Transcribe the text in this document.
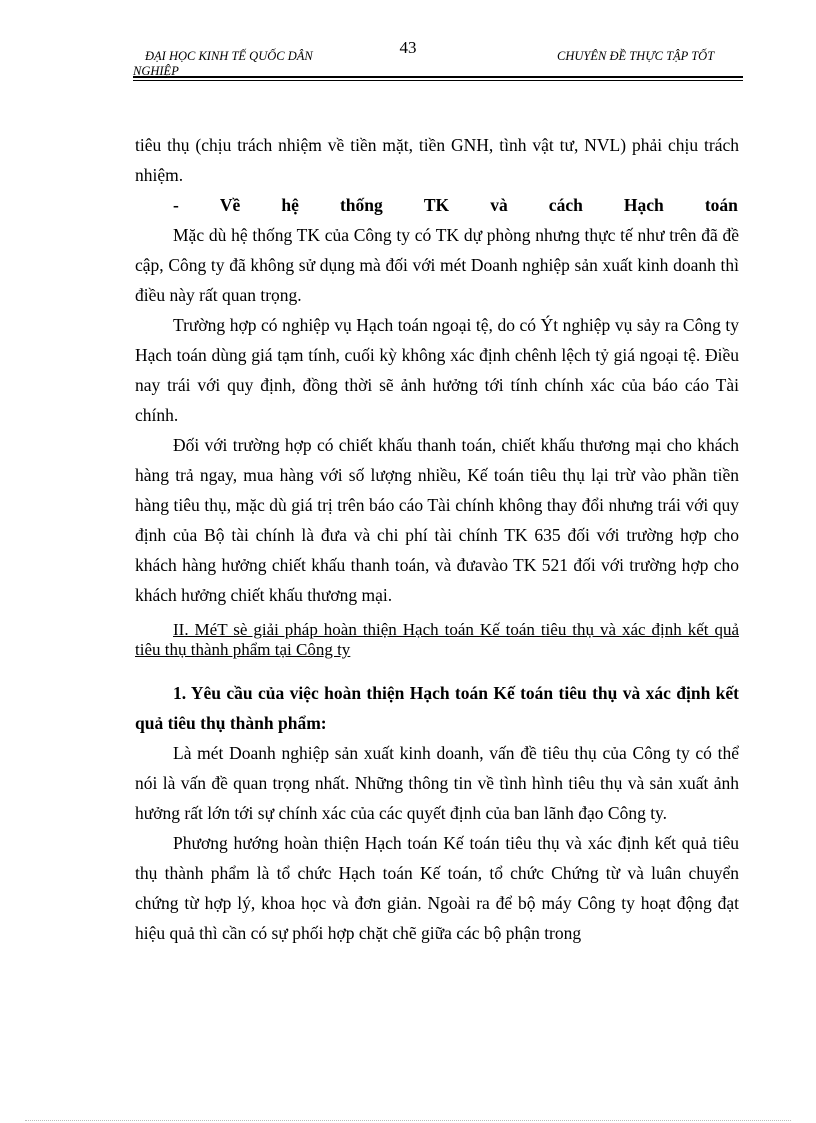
43
ĐẠI HỌC KINH TẾ QUỐC DÂN
NGHIỆP
CHUYÊN ĐỀ THỰC TẬP TỐT

tiêu thụ (chịu trách nhiệm về tiền mặt, tiền GNH, tình vật tư, NVL) phải chịu trách nhiệm.

- Về hệ thống TK và cách Hạch toán

Mặc dù hệ thống TK của Công ty có TK dự phòng nhưng thực tế như trên đã đề cập, Công ty đã không sử dụng mà đối với mét Doanh nghiệp sản xuất kinh doanh thì điều này rất quan trọng.

Trường hợp có nghiệp vụ Hạch toán ngoại tệ, do có Ýt nghiệp vụ sảy ra Công ty Hạch toán dùng giá tạm tính, cuối kỳ không xác định chênh lệch tỷ giá ngoại tệ. Điều nay trái với quy định, đồng thời sẽ ảnh hưởng tới tính chính xác của báo cáo Tài chính.

Đối với trường hợp có chiết khấu thanh toán, chiết khấu thương mại cho khách hàng trả ngay, mua hàng với số lượng nhiều, Kế toán tiêu thụ lại trừ vào phần tiền hàng tiêu thụ, mặc dù giá trị trên báo cáo Tài chính không thay đổi nhưng trái với quy định của Bộ tài chính là đưa và chi phí tài chính TK 635 đối với trường hợp cho khách hàng hưởng chiết khấu thanh toán, và đưavào TK 521 đối với trường hợp cho khách hưởng chiết khấu thương mại.

II. MéT sè giải pháp hoàn thiện Hạch toán Kế toán tiêu thụ và xác định kết quả tiêu thụ thành phẩm tại Công ty

1. Yêu cầu của việc hoàn thiện Hạch toán Kế toán tiêu thụ và xác định kết quả tiêu thụ thành phẩm:

Là mét Doanh nghiệp sản xuất kinh doanh, vấn đề tiêu thụ của Công ty có thể nói là vấn đề quan trọng nhất. Những thông tin về tình hình tiêu thụ và sản xuất ảnh hưởng rất lớn tới sự chính xác của các quyết định của ban lãnh đạo Công ty.

Phương hướng hoàn thiện Hạch toán Kế toán tiêu thụ và xác định kết quả tiêu thụ thành phẩm là tổ chức Hạch toán Kế toán, tổ chức Chứng từ và luân chuyển chứng từ hợp lý, khoa học và đơn giản. Ngoài ra để bộ máy Công ty hoạt động đạt hiệu quả thì cần có sự phối hợp chặt chẽ giữa các bộ phận trong
